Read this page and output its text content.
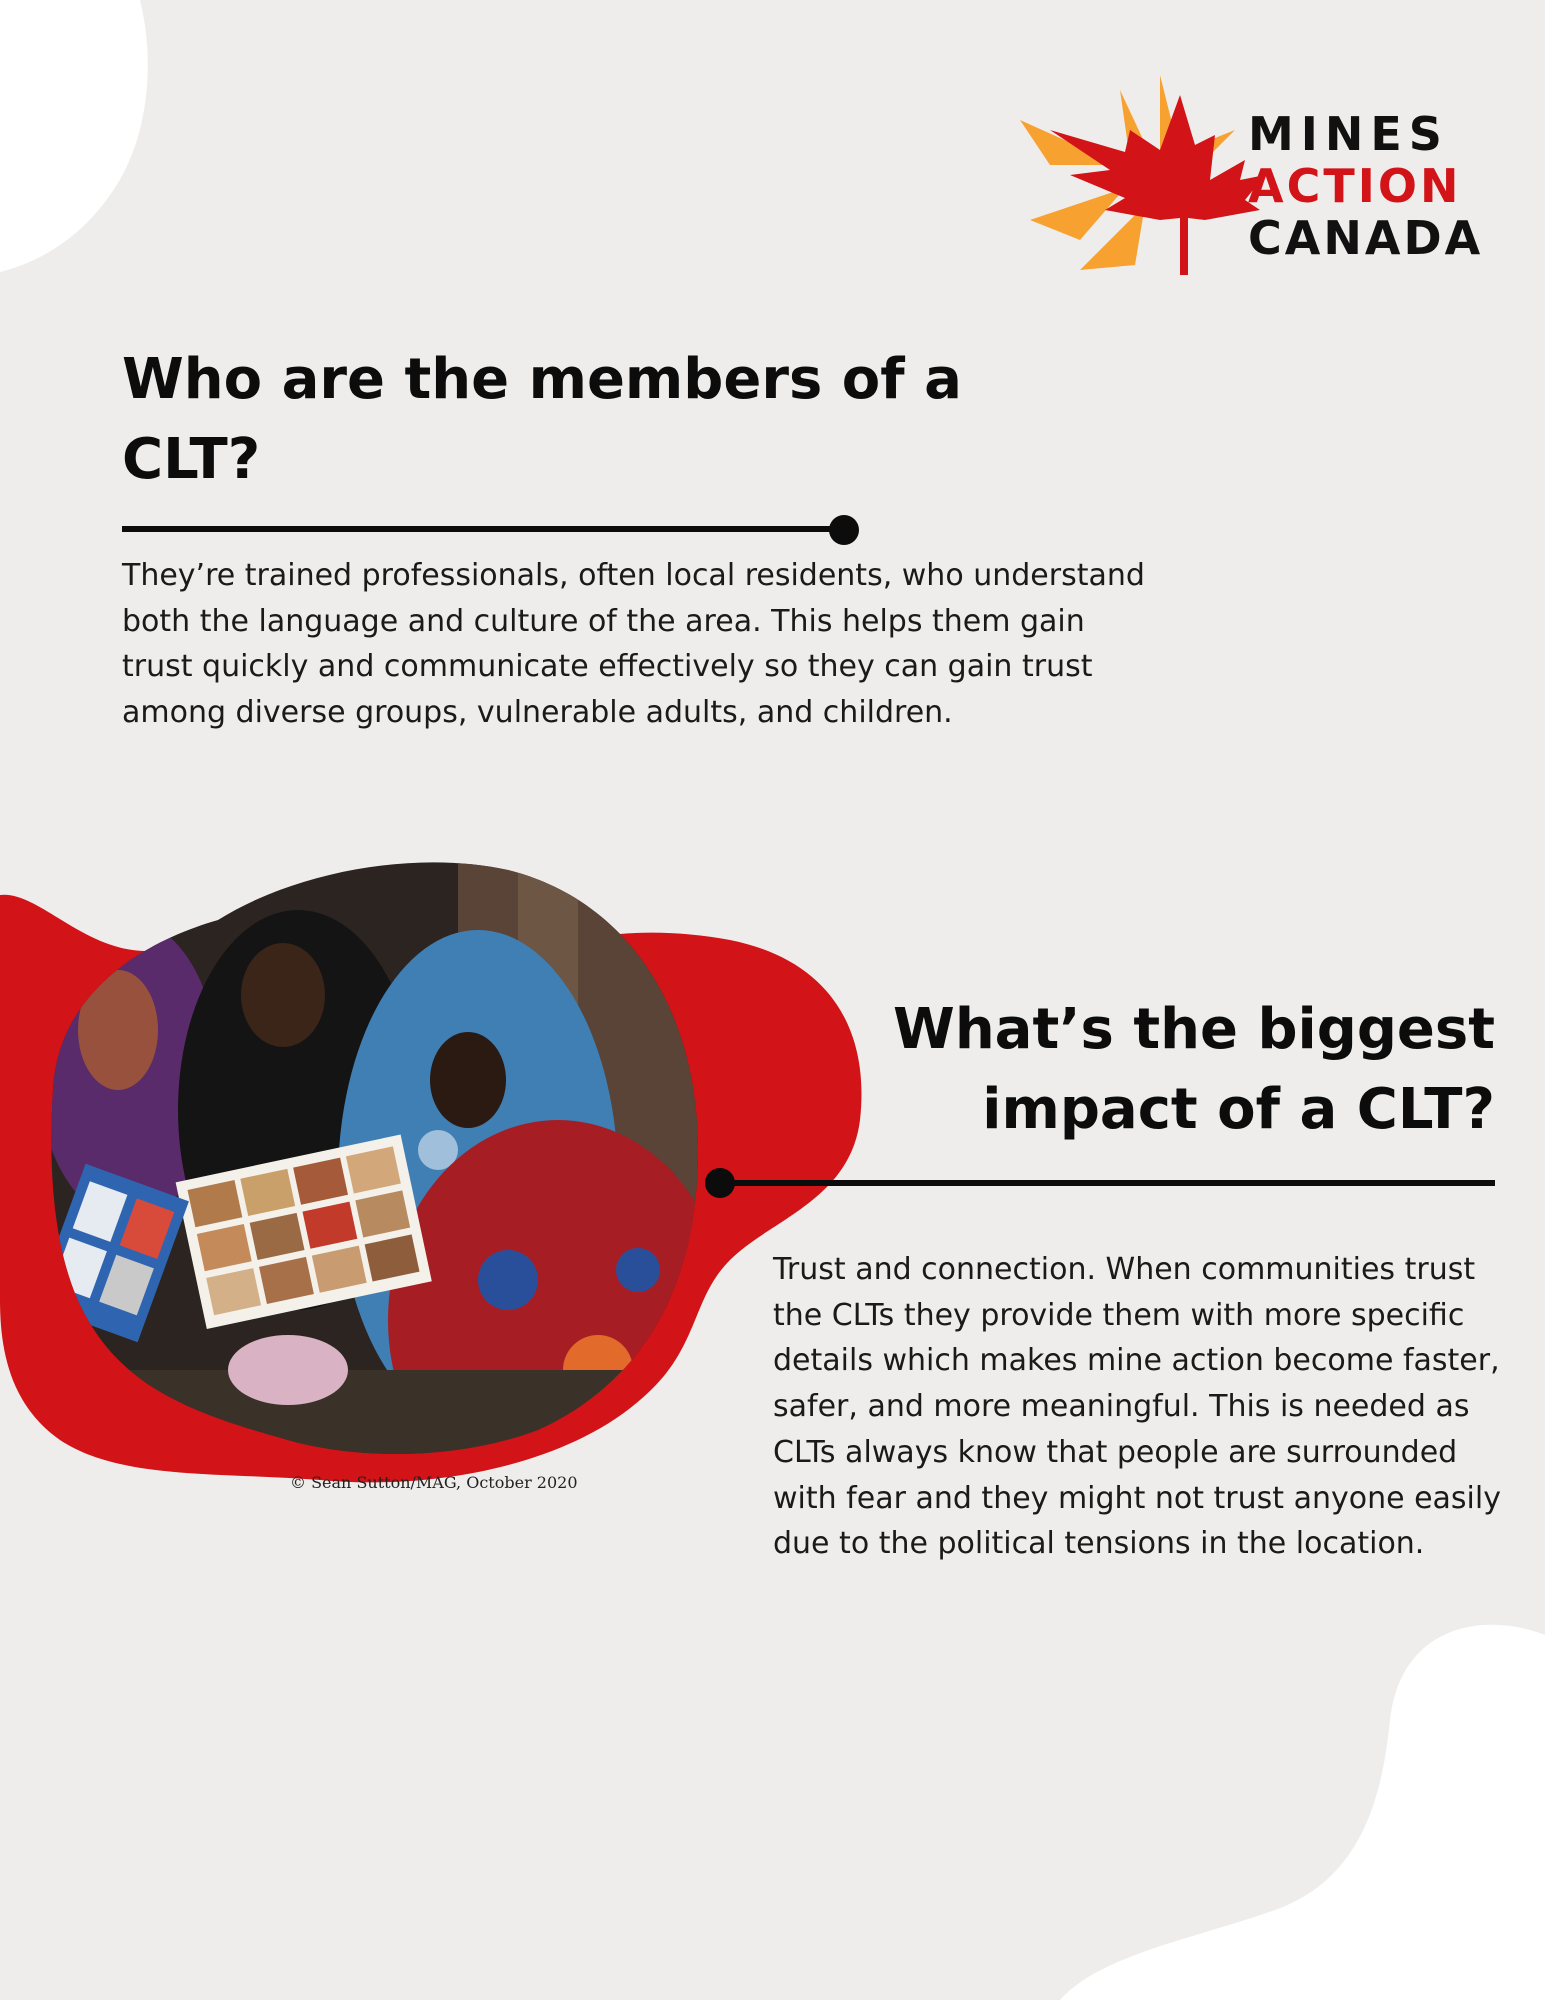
MINES
ACTION
CANADA
Who are the members of a
CLT?

They’re trained professionals, often local residents, who understand both the language and culture of the area. This helps them gain trust quickly and communicate effectively so they can gain trust among diverse groups, vulnerable adults, and children.

© Sean Sutton/MAG, October 2020
What’s the biggest
impact of a CLT?

Trust and connection. When communities trust the CLTs they provide them with more specific details which makes mine action become faster, safer, and more meaningful. This is needed as CLTs always know that people are surrounded with fear and they might not trust anyone easily due to the political tensions in the location.
